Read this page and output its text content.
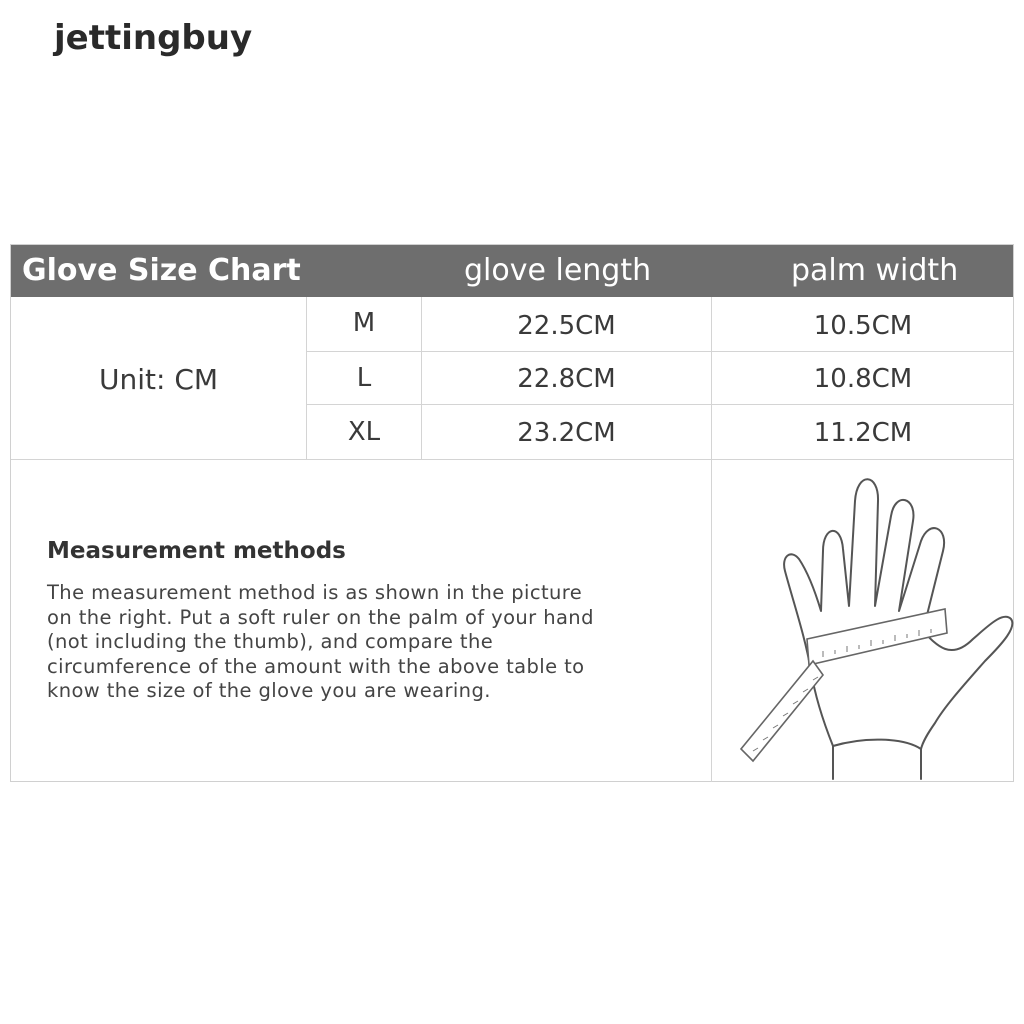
jettingbuy
Glove Size Chart	glove length	palm width
Unit: CM
M	22.5CM	10.5CM
L	22.8CM	10.8CM
XL	23.2CM	11.2CM
Measurement methods
The measurement method is as shown in the picture
on the right. Put a soft ruler on the palm of your hand
(not including the thumb), and compare the
circumference of the amount with the above table to
know the size of the glove you are wearing.
